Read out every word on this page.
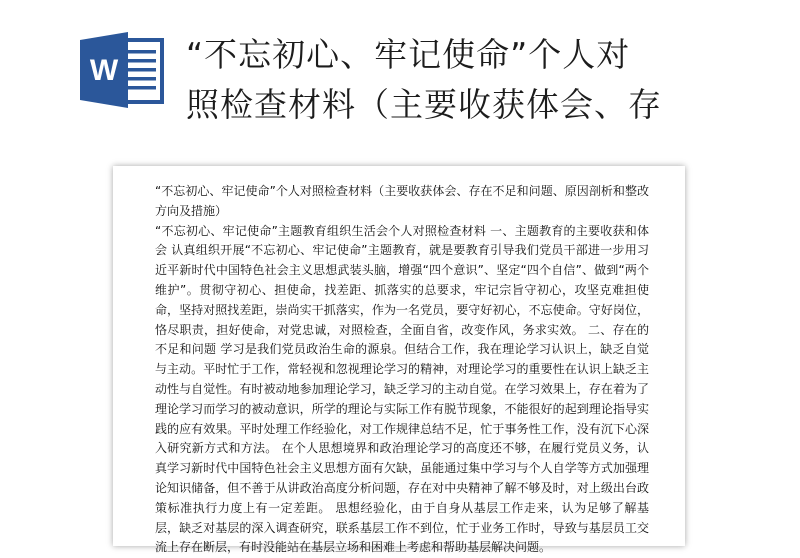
W “不忘初心、牢记使命”个人对
照检查材料（主要收获体会、存

“不忘初心、牢记使命”个人对照检查材料（主要收获体会、存在不足和问题、原因剖析和整改方向及措施）

“不忘初心、牢记使命”主题教育组织生活会个人对照检查材料 一、主题教育的主要收获和体会 认真组织开展“不忘初心、牢记使命”主题教育，就是要教育引导我们党员干部进一步用习近平新时代中国特色社会主义思想武装头脑，增强“四个意识”、坚定“四个自信”、做到“两个维护”。贯彻守初心、担使命，找差距、抓落实的总要求，牢记宗旨守初心，攻坚克难担使命，坚持对照找差距，崇尚实干抓落实，作为一名党员，要守好初心，不忘使命。守好岗位，恪尽职责，担好使命，对党忠诚，对照检查，全面自省，改变作风，务求实效。 二、存在的不足和问题 学习是我们党员政治生命的源泉。但结合工作，我在理论学习认识上，缺乏自觉与主动。平时忙于工作，常轻视和忽视理论学习的精神，对理论学习的重要性在认识上缺乏主动性与自觉性。有时被动地参加理论学习，缺乏学习的主动自觉。在学习效果上，存在着为了理论学习而学习的被动意识，所学的理论与实际工作有脱节现象，不能很好的起到理论指导实践的应有效果。平时处理工作经验化，对工作规律总结不足，忙于事务性工作，没有沉下心深入研究新方式和方法。 在个人思想境界和政治理论学习的高度还不够，在履行党员义务，认真学习新时代中国特色社会主义思想方面有欠缺，虽能通过集中学习与个人自学等方式加强理论知识储备，但不善于从讲政治高度分析问题，存在对中央精神了解不够及时，对上级出台政策标准执行力度上有一定差距。 思想经验化，由于自身从基层工作走来，认为足够了解基层，缺乏对基层的深入调查研究，联系基层工作不到位，忙于业务工作时，导致与基层员工交流上存在断层，有时没能站在基层立场和困难上考虑和帮助基层解决问题。
